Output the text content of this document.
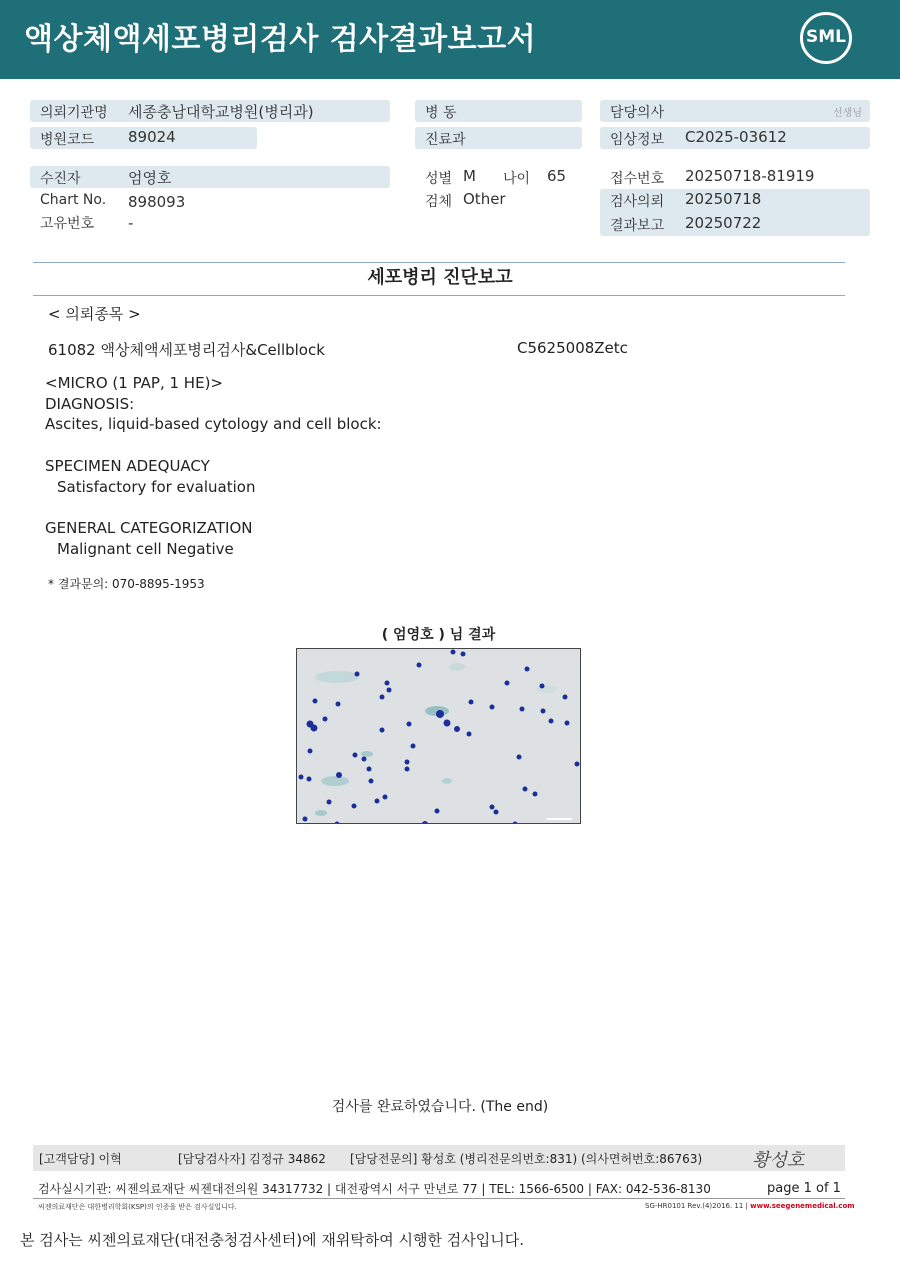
액상체액세포병리검사 검사결과보고서	SML
의뢰기관명 세종충남대학교병원(병리과)
병원코드 89024
수진자	엄영호
Chart No. 898093
고유번호 -
병 동
진료과
성별 M 나이 65
검체 Other
담당의사	선생님
임상정보 C2025-03612
접수번호 20250718-81919
검사의뢰 20250718
결과보고 20250722
세포병리 진단보고
< 의뢰종목 >
61082 액상체액세포병리검사&Cellblock	C5625008Zetc
<MICRO (1 PAP, 1 HE)>
DIAGNOSIS:
Ascites, liquid-based cytology and cell block:
SPECIMEN ADEQUACY
Satisfactory for evaluation
GENERAL CATEGORIZATION
Malignant cell Negative
* 결과문의: 070-8895-1953
( 엄영호 ) 님 결과
검사를 완료하였습니다. (The end)
[고객담당] 이혁	[담당검사자] 김정규 34862 [담당전문의] 황성호 (병리전문의번호:831) (의사면허번호:86763)	황성호
검사실시기관: 씨젠의료재단 씨젠대전의원 34317732 | 대전광역시 서구 만년로 77 | TEL: 1566-6500 | FAX: 042-536-8130	page 1 of 1
씨젠의료재단은 대한병리학회(KSP)의 인증을 받은 검사실입니다.	SG-HR0101 Rev.(4)2016. 11 | www.seegenemedical.com
본 검사는 씨젠의료재단(대전충청검사센터)에 재위탁하여 시행한 검사입니다.
